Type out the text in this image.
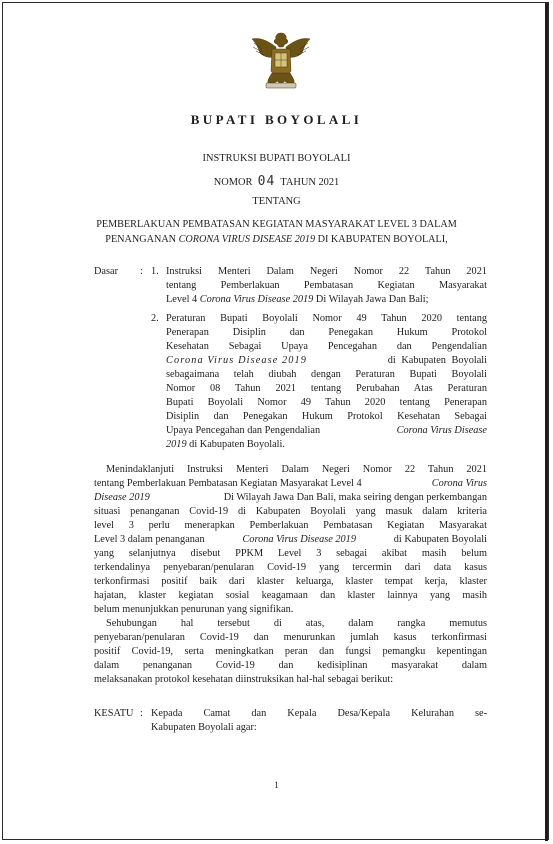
BUPATI BOYOLALI
INSTRUKSI BUPATI BOYOLALI
NOMOR 04 TAHUN 2021
TENTANG
PEMBERLAKUAN PEMBATASAN KEGIATAN MASYARAKAT LEVEL 3 DALAM
PENANGANAN CORONA VIRUS DISEASE 2019 DI KABUPATEN BOYOLALI,
Dasar : 1. Instruksi Menteri Dalam Negeri Nomor 22 Tahun 2021
tentang Pemberlakuan Pembatasan Kegiatan Masyarakat
Level 4 Corona Virus Disease 2019 Di Wilayah Jawa Dan Bali;
2. Peraturan Bupati Boyolali Nomor 49 Tahun 2020 tentang
Penerapan Disiplin dan Penegakan Hukum Protokol
Kesehatan Sebagai Upaya Pencegahan dan Pengendalian
Corona Virus Disease 2019	di Kabupaten Boyolali
sebagaimana telah diubah dengan Peraturan Bupati Boyolali
Nomor 08 Tahun 2021 tentang Perubahan Atas Peraturan
Bupati Boyolali Nomor 49 Tahun 2020 tentang Penerapan
Disiplin dan Penegakan Hukum Protokol Kesehatan Sebagai
Upaya Pencegahan dan Pengendalian	Corona Virus Disease
2019 di Kabupaten Boyolali.
Menindaklanjuti Instruksi Menteri Dalam Negeri Nomor 22 Tahun 2021
tentang Pemberlakuan Pembatasan Kegiatan Masyarakat Level 4	Corona Virus
Disease 2019	Di Wilayah Jawa Dan Bali, maka seiring dengan perkembangan
situasi penanganan Covid-19 di Kabupaten Boyolali yang masuk dalam kriteria
level 3 perlu menerapkan Pemberlakuan Pembatasan Kegiatan Masyarakat
Level 3 dalam penanganan	Corona Virus Disease 2019	di Kabupaten Boyolali
yang selanjutnya disebut PPKM Level 3 sebagai akibat masih belum
terkendalinya penyebaran/penularan Covid-19 yang tercermin dari data kasus
terkonfirmasi positif baik dari klaster keluarga, klaster tempat kerja, klaster
hajatan, klaster kegiatan sosial keagamaan dan klaster lainnya yang masih
belum menunjukkan penurunan yang signifikan.
Sehubungan hal tersebut di atas, dalam rangka memutus
penyebaran/penularan Covid-19 dan menurunkan jumlah kasus terkonfirmasi
positif Covid-19, serta meningkatkan peran dan fungsi pemangku kepentingan
dalam penanganan Covid-19 dan kedisiplinan masyarakat dalam
melaksanakan protokol kesehatan diinstruksikan hal-hal sebagai berikut:
KESATU : Kepada Camat dan Kepala Desa/Kepala Kelurahan se-
Kabupaten Boyolali agar:
1
